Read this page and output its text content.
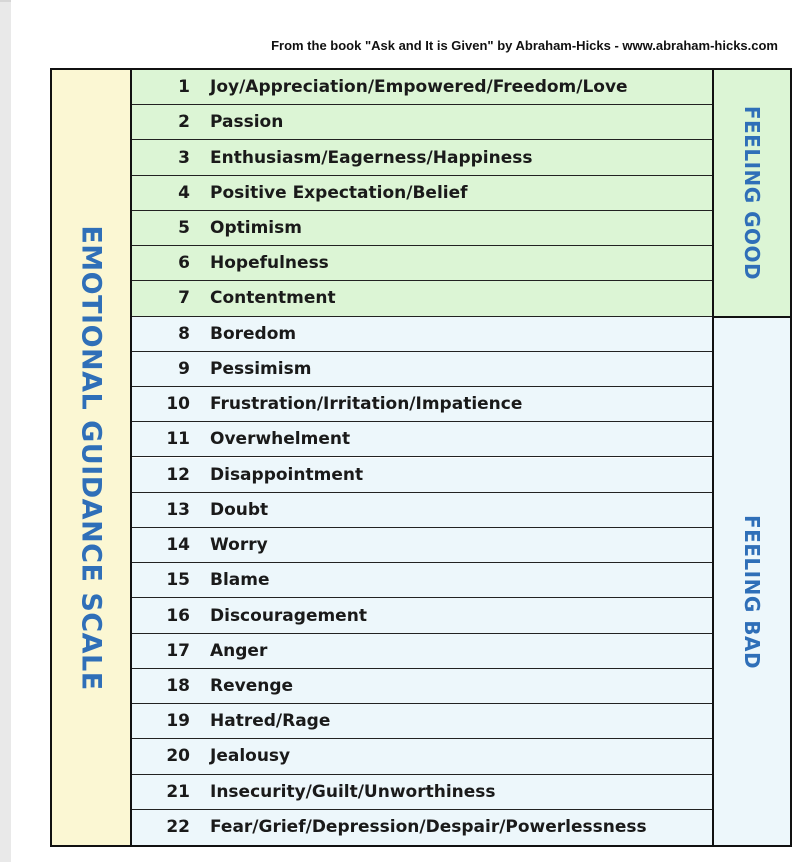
From the book "Ask and It is Given" by Abraham-Hicks - www.abraham-hicks.com
EMOTIONAL GUIDANCE SCALE
1	Joy/Appreciation/Empowered/Freedom/Love
2	Passion
3	Enthusiasm/Eagerness/Happiness
4	Positive Expectation/Belief
5	Optimism
6	Hopefulness
7	Contentment
8	Boredom
9	Pessimism
10	Frustration/Irritation/Impatience
11	Overwhelment
12	Disappointment
13	Doubt
14	Worry
15	Blame
16	Discouragement
17	Anger
18	Revenge
19	Hatred/Rage
20	Jealousy
21	Insecurity/Guilt/Unworthiness
22	Fear/Grief/Depression/Despair/Powerlessness
FEELING GOOD
FEELING BAD
